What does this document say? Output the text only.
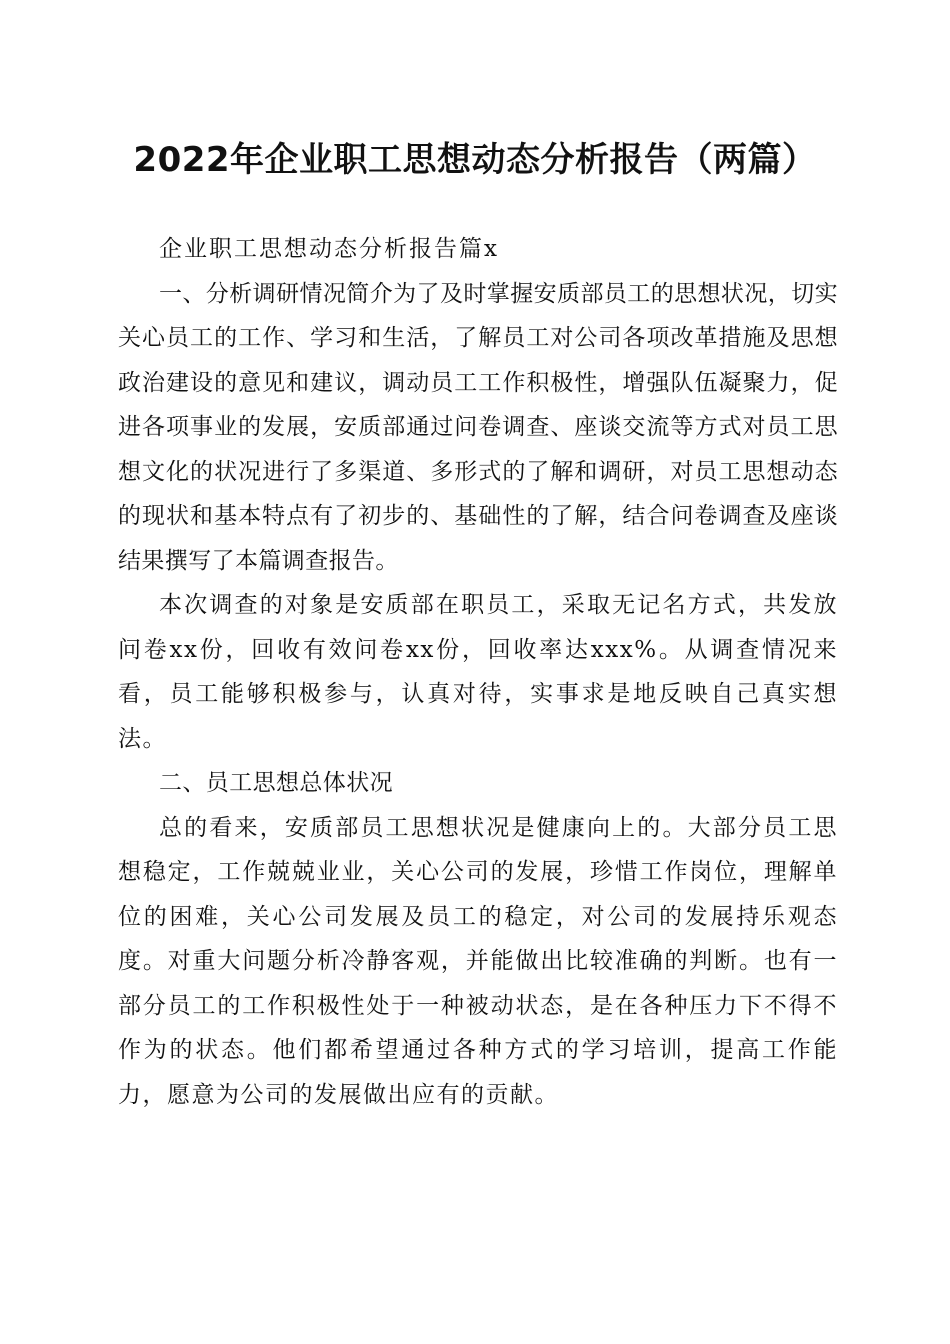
2022年企业职工思想动态分析报告（两篇）

企业职工思想动态分析报告篇x

一、分析调研情况简介为了及时掌握安质部员工的思想状况，切实关心员工的工作、学习和生活，了解员工对公司各项改革措施及思想政治建设的意见和建议，调动员工工作积极性，增强队伍凝聚力，促进各项事业的发展，安质部通过问卷调查、座谈交流等方式对员工思想文化的状况进行了多渠道、多形式的了解和调研，对员工思想动态的现状和基本特点有了初步的、基础性的了解，结合问卷调查及座谈结果撰写了本篇调查报告。

本次调查的对象是安质部在职员工，采取无记名方式，共发放问卷xx份，回收有效问卷xx份，回收率达xxx%。从调查情况来看，员工能够积极参与，认真对待，实事求是地反映自己真实想法。

二、员工思想总体状况

总的看来，安质部员工思想状况是健康向上的。大部分员工思想稳定，工作兢兢业业，关心公司的发展，珍惜工作岗位，理解单位的困难，关心公司发展及员工的稳定，对公司的发展持乐观态度。对重大问题分析冷静客观，并能做出比较准确的判断。也有一部分员工的工作积极性处于一种被动状态，是在各种压力下不得不作为的状态。他们都希望通过各种方式的学习培训，提高工作能力，愿意为公司的发展做出应有的贡献。
